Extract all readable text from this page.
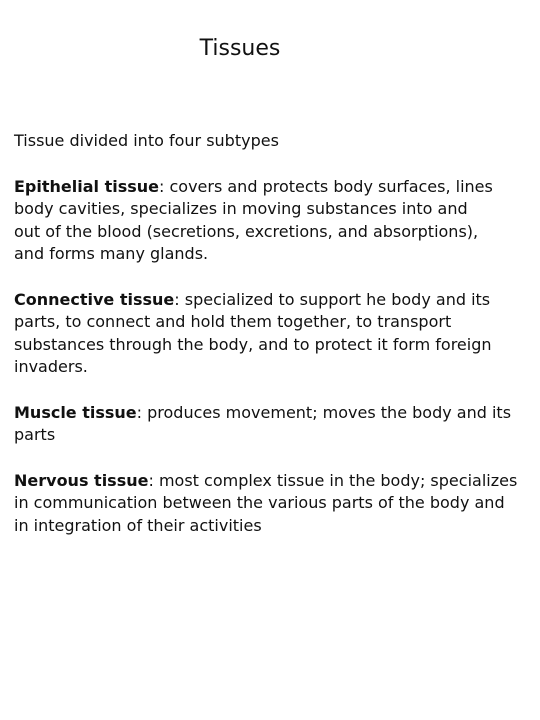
Tissues

Tissue divided into four subtypes

Epithelial tissue: covers and protects body surfaces, lines body cavities, specializes in moving substances into and out of the blood (secretions, excretions, and absorptions), and forms many glands.

Connective tissue: specialized to support he body and its parts, to connect and hold them together, to transport substances through the body, and to protect it form foreign invaders.

Muscle tissue: produces movement; moves the body and its parts

Nervous tissue: most complex tissue in the body; specializes in communication between the various parts of the body and in integration of their activities
